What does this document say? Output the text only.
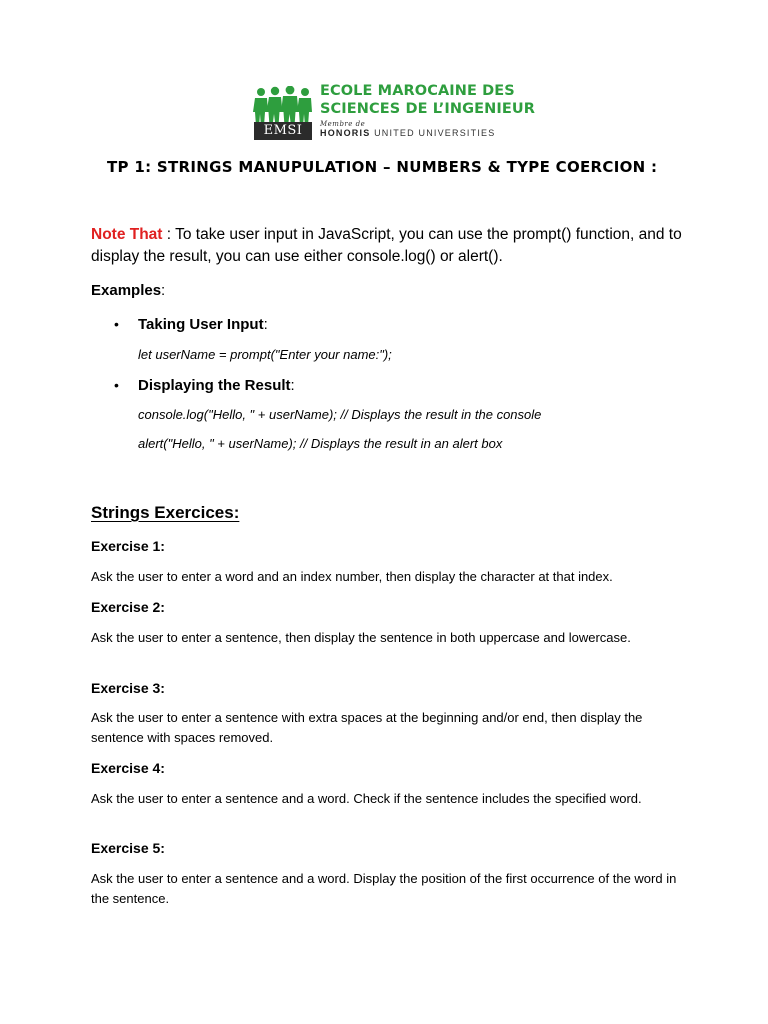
EMSI
ECOLE MAROCAINE DES
SCIENCES DE L’INGENIEUR
Membre de
HONORIS UNITED UNIVERSITIES
TP 1: STRINGS MANUPULATION – NUMBERS & TYPE COERCION :
Note That : To take user input in JavaScript, you can use the prompt() function, and to display the result, you can use either console.log() or alert().
Examples:
• Taking User Input:
let userName = prompt("Enter your name:");
• Displaying the Result:
console.log("Hello, " + userName); // Displays the result in the console
alert("Hello, " + userName); // Displays the result in an alert box
Strings Exercices:
Exercise 1:
Ask the user to enter a word and an index number, then display the character at that index.
Exercise 2:
Ask the user to enter a sentence, then display the sentence in both uppercase and lowercase.
Exercise 3:
Ask the user to enter a sentence with extra spaces at the beginning and/or end, then display the sentence with spaces removed.
Exercise 4:
Ask the user to enter a sentence and a word. Check if the sentence includes the specified word.
Exercise 5:
Ask the user to enter a sentence and a word. Display the position of the first occurrence of the word in the sentence.
